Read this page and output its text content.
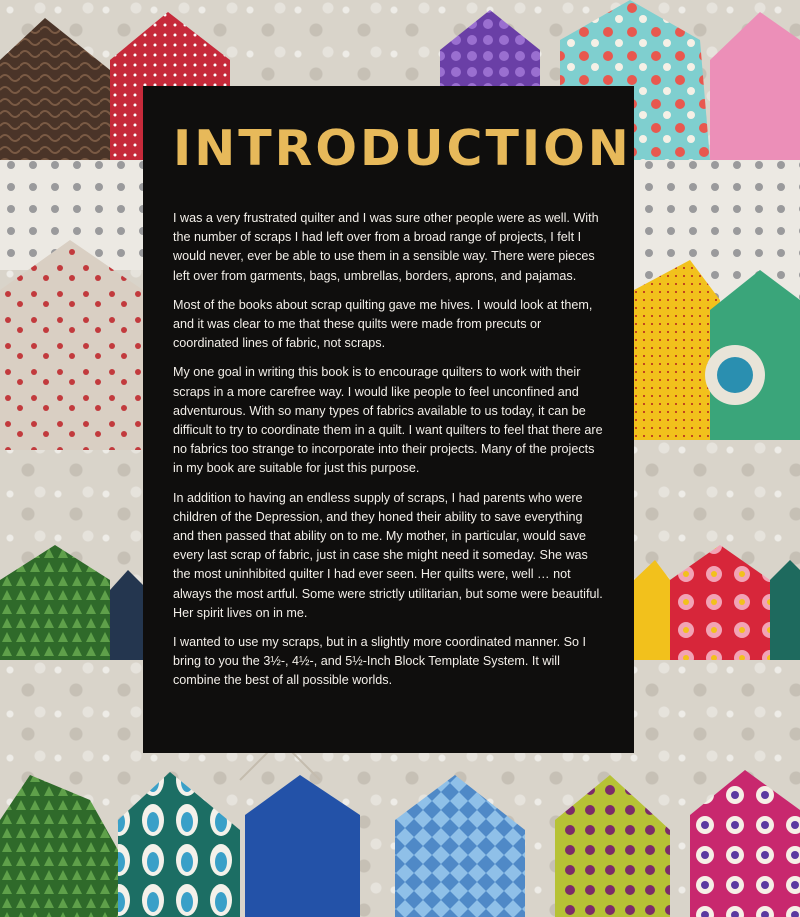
INTRODUCTION

I was a very frustrated quilter and I was sure other people were as well. With the number of scraps I had left over from a broad range of projects, I felt I would never, ever be able to use them in a sensible way. There were pieces left over from garments, bags, umbrellas, borders, aprons, and pajamas.

Most of the books about scrap quilting gave me hives. I would look at them, and it was clear to me that these quilts were made from precuts or coordinated lines of fabric, not scraps.

My one goal in writing this book is to encourage quilters to work with their scraps in a more carefree way. I would like people to feel unconfined and adventurous. With so many types of fabrics available to us today, it can be difficult to try to coordinate them in a quilt. I want quilters to feel that there are no fabrics too strange to incorporate into their projects. Many of the projects in my book are suitable for just this purpose.

In addition to having an endless supply of scraps, I had parents who were children of the Depression, and they honed their ability to save everything and then passed that ability on to me. My mother, in particular, would save every last scrap of fabric, just in case she might need it someday. She was the most uninhibited quilter I had ever seen. Her quilts were, well … not always the most artful. Some were strictly utilitarian, but some were beautiful. Her spirit lives on in me.

I wanted to use my scraps, but in a slightly more coordinated manner. So I bring to you the 3½-, 4½-, and 5½-Inch Block Template System. It will combine the best of all possible worlds.
